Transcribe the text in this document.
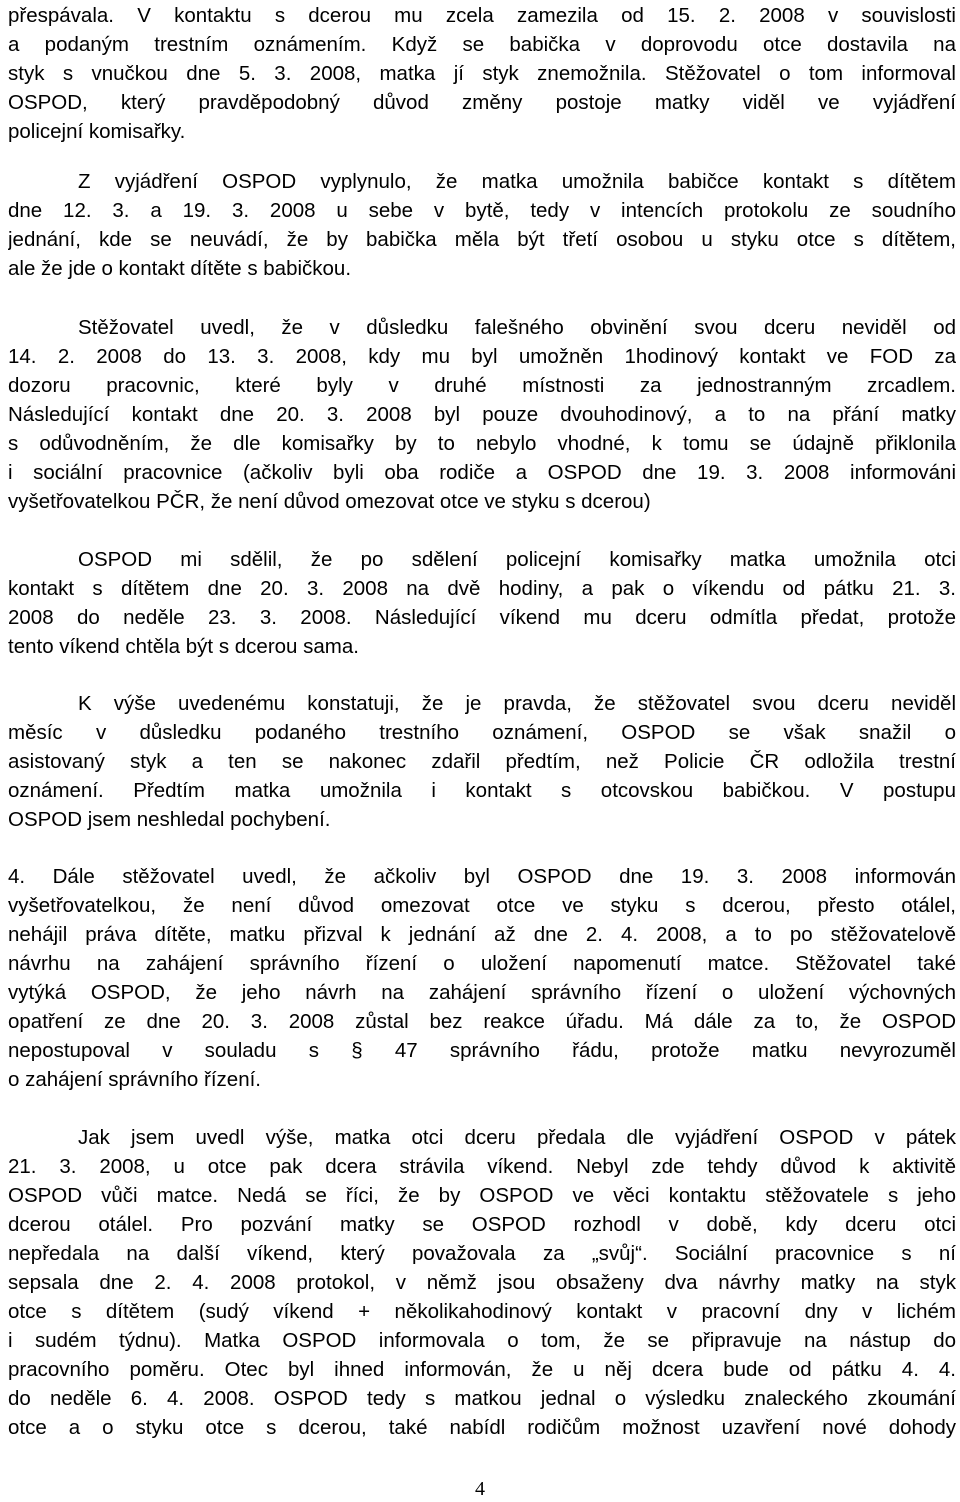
přespávala. V kontaktu s dcerou mu zcela zamezila od 15. 2. 2008 v souvislosti
a podaným trestním oznámením. Když se babička v doprovodu otce dostavila na
styk s vnučkou dne 5. 3. 2008, matka jí styk znemožnila. Stěžovatel o tom informoval
OSPOD, který pravděpodobný důvod změny postoje matky viděl ve vyjádření
policejní komisařky.
Z vyjádření OSPOD vyplynulo, že matka umožnila babičce kontakt s dítětem
dne 12. 3. a 19. 3. 2008 u sebe v bytě, tedy v intencích protokolu ze soudního
jednání, kde se neuvádí, že by babička měla být třetí osobou u styku otce s dítětem,
ale že jde o kontakt dítěte s babičkou.
Stěžovatel uvedl, že v důsledku falešného obvinění svou dceru neviděl od
14. 2. 2008 do 13. 3. 2008, kdy mu byl umožněn 1hodinový kontakt ve FOD za
dozoru pracovnic, které byly v druhé místnosti za jednostranným zrcadlem.
Následující kontakt dne 20. 3. 2008 byl pouze dvouhodinový, a to na přání matky
s odůvodněním, že dle komisařky by to nebylo vhodné, k tomu se údajně přiklonila
i sociální pracovnice (ačkoliv byli oba rodiče a OSPOD dne 19. 3. 2008 informováni
vyšetřovatelkou PČR, že není důvod omezovat otce ve styku s dcerou)
OSPOD mi sdělil, že po sdělení policejní komisařky matka umožnila otci
kontakt s dítětem dne 20. 3. 2008 na dvě hodiny, a pak o víkendu od pátku 21. 3.
2008 do neděle 23. 3. 2008. Následující víkend mu dceru odmítla předat, protože
tento víkend chtěla být s dcerou sama.
K výše uvedenému konstatuji, že je pravda, že stěžovatel svou dceru neviděl
měsíc v důsledku podaného trestního oznámení, OSPOD se však snažil o
asistovaný styk a ten se nakonec zdařil předtím, než Policie ČR odložila trestní
oznámení. Předtím matka umožnila i kontakt s otcovskou babičkou. V postupu
OSPOD jsem neshledal pochybení.
4. Dále stěžovatel uvedl, že ačkoliv byl OSPOD dne 19. 3. 2008 informován
vyšetřovatelkou, že není důvod omezovat otce ve styku s dcerou, přesto otálel,
nehájil práva dítěte, matku přizval k jednání až dne 2. 4. 2008, a to po stěžovatelově
návrhu na zahájení správního řízení o uložení napomenutí matce. Stěžovatel také
vytýká OSPOD, že jeho návrh na zahájení správního řízení o uložení výchovných
opatření ze dne 20. 3. 2008 zůstal bez reakce úřadu. Má dále za to, že OSPOD
nepostupoval v souladu s § 47 správního řádu, protože matku nevyrozuměl
o zahájení správního řízení.
Jak jsem uvedl výše, matka otci dceru předala dle vyjádření OSPOD v pátek
21. 3. 2008, u otce pak dcera strávila víkend. Nebyl zde tehdy důvod k aktivitě
OSPOD vůči matce. Nedá se říci, že by OSPOD ve věci kontaktu stěžovatele s jeho
dcerou otálel. Pro pozvání matky se OSPOD rozhodl v době, kdy dceru otci
nepředala na další víkend, který považovala za „svůj“. Sociální pracovnice s ní
sepsala dne 2. 4. 2008 protokol, v němž jsou obsaženy dva návrhy matky na styk
otce s dítětem (sudý víkend + několikahodinový kontakt v pracovní dny v lichém
i sudém týdnu). Matka OSPOD informovala o tom, že se připravuje na nástup do
pracovního poměru. Otec byl ihned informován, že u něj dcera bude od pátku 4. 4.
do neděle 6. 4. 2008. OSPOD tedy s matkou jednal o výsledku znaleckého zkoumání
otce a o styku otce s dcerou, také nabídl rodičům možnost uzavření nové dohody
4
